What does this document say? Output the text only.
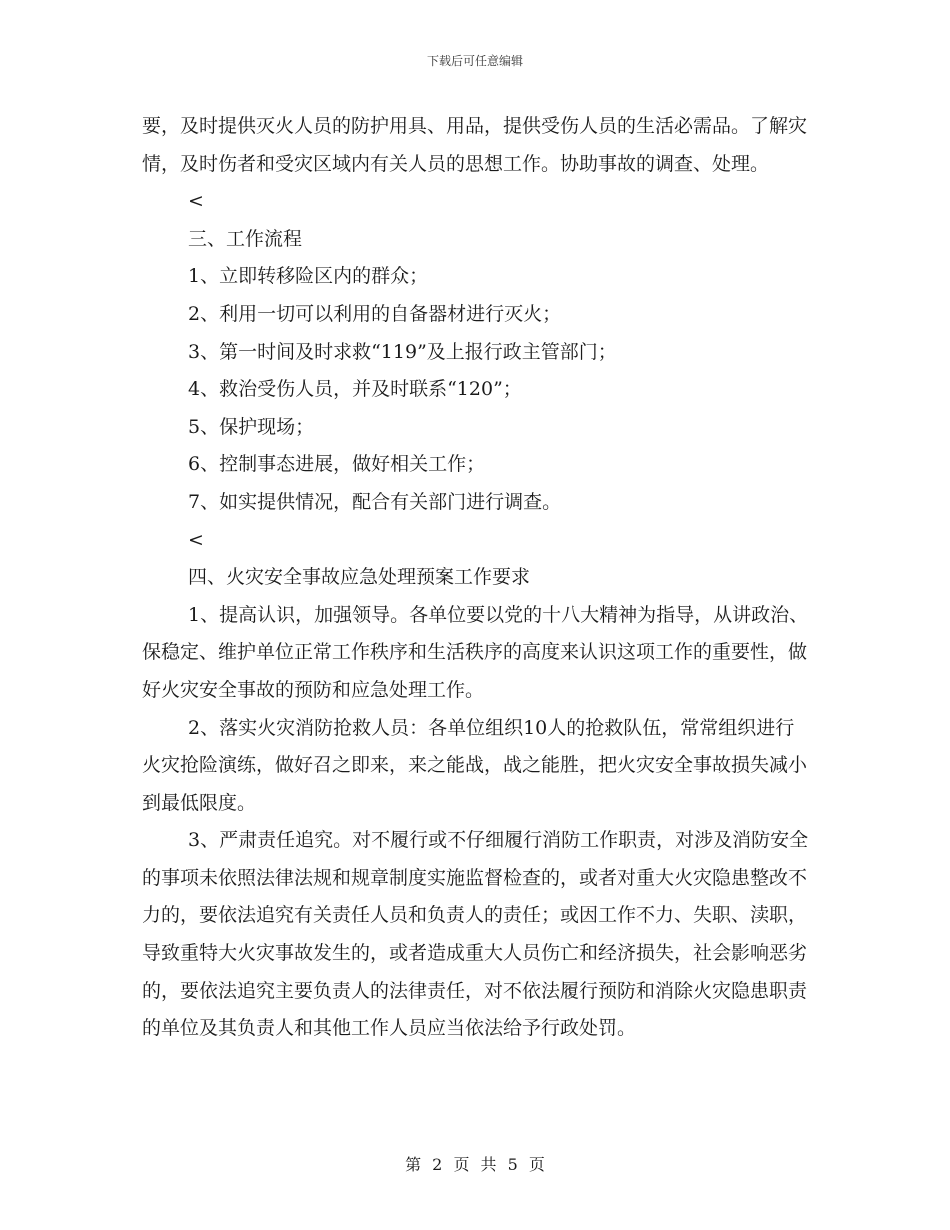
下载后可任意编辑

要，及时提供灭火人员的防护用具、用品，提供受伤人员的生活必需品。了解灾情，及时伤者和受灾区域内有关人员的思想工作。协助事故的调查、处理。

<

三、工作流程

1、立即转移险区内的群众；

2、利用一切可以利用的自备器材进行灭火；

3、第一时间及时求救“119”及上报行政主管部门；

4、救治受伤人员，并及时联系“120”；

5、保护现场；

6、控制事态进展，做好相关工作；

7、如实提供情况，配合有关部门进行调查。

<

四、火灾安全事故应急处理预案工作要求

1、提高认识，加强领导。各单位要以党的十八大精神为指导，从讲政治、保稳定、维护单位正常工作秩序和生活秩序的高度来认识这项工作的重要性，做好火灾安全事故的预防和应急处理工作。

2、落实火灾消防抢救人员：各单位组织10人的抢救队伍，常常组织进行火灾抢险演练，做好召之即来，来之能战，战之能胜，把火灾安全事故损失减小到最低限度。

3、严肃责任追究。对不履行或不仔细履行消防工作职责，对涉及消防安全的事项未依照法律法规和规章制度实施监督检查的，或者对重大火灾隐患整改不力的，要依法追究有关责任人员和负责人的责任；或因工作不力、失职、渎职，导致重特大火灾事故发生的，或者造成重大人员伤亡和经济损失，社会影响恶劣的，要依法追究主要负责人的法律责任，对不依法履行预防和消除火灾隐患职责的单位及其负责人和其他工作人员应当依法给予行政处罚。

第 2 页 共 5 页
